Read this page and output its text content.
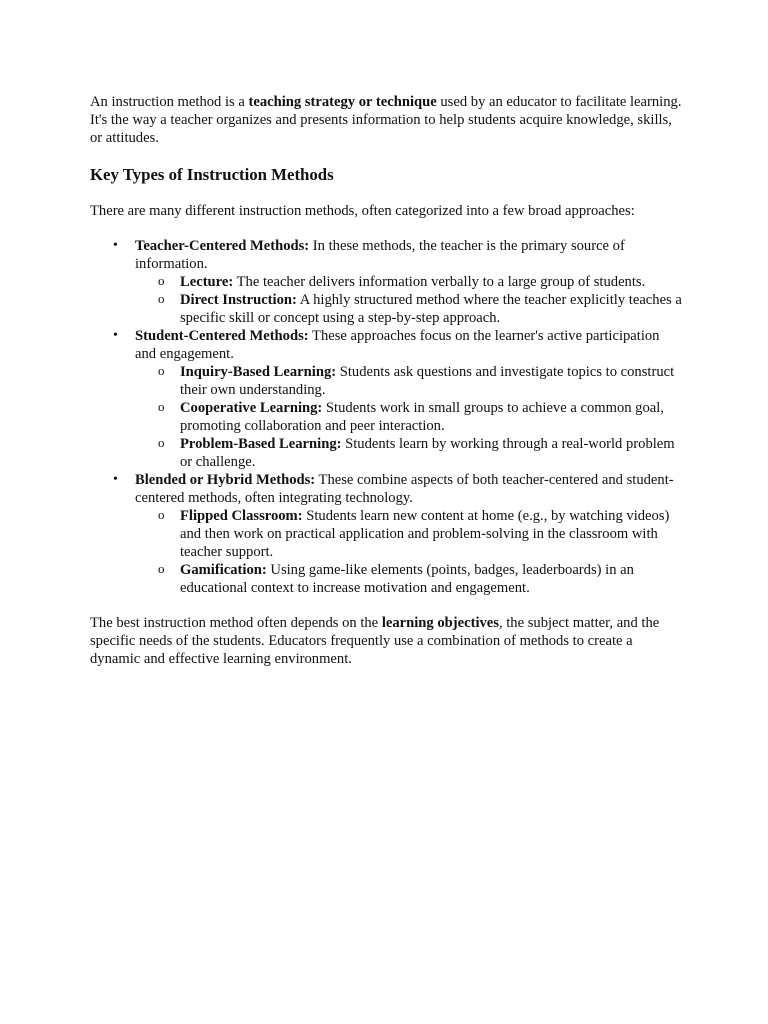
An instruction method is a teaching strategy or technique used by an educator to facilitate learning. It's the way a teacher organizes and presents information to help students acquire knowledge, skills, or attitudes.

Key Types of Instruction Methods

There are many different instruction methods, often categorized into a few broad approaches:

• Teacher-Centered Methods: In these methods, the teacher is the primary source of information.
o Lecture: The teacher delivers information verbally to a large group of students.
o Direct Instruction: A highly structured method where the teacher explicitly teaches a specific skill or concept using a step-by-step approach.
• Student-Centered Methods: These approaches focus on the learner's active participation and engagement.
o Inquiry-Based Learning: Students ask questions and investigate topics to construct their own understanding.
o Cooperative Learning: Students work in small groups to achieve a common goal, promoting collaboration and peer interaction.
o Problem-Based Learning: Students learn by working through a real-world problem or challenge.
• Blended or Hybrid Methods: These combine aspects of both teacher-centered and student-centered methods, often integrating technology.
o Flipped Classroom: Students learn new content at home (e.g., by watching videos) and then work on practical application and problem-solving in the classroom with teacher support.
o Gamification: Using game-like elements (points, badges, leaderboards) in an educational context to increase motivation and engagement.

The best instruction method often depends on the learning objectives, the subject matter, and the specific needs of the students. Educators frequently use a combination of methods to create a dynamic and effective learning environment.
